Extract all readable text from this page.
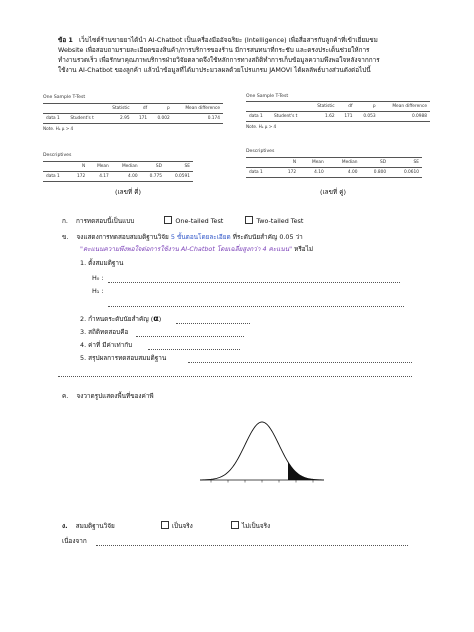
ข้อ 1 เว็บไซต์ร้านขายยาได้นำ AI-Chatbot เป็นเครื่องมืออัจฉริยะ (Intelligence) เพื่อสื่อสารกับลูกค้าที่เข้าเยี่ยมชม
Website เพื่อสอบถามรายละเอียดของสินค้า/การบริการของร้าน มีการสนทนาที่กระชับ และตรงประเด็นช่วยให้การ
ทำงานรวดเร็ว เพื่อรักษาคุณภาพบริการฝ่ายวิจัยตลาดจึงใช้หลักการทางสถิติทำการเก็บข้อมูลความพึงพอใจหลังจากการ
ใช้งาน AI-Chatbot ของลูกค้า แล้วนำข้อมูลที่ได้มาประมวลผลด้วยโปรแกรม JAMOVI ได้ผลลัพธ์บางส่วนดังต่อไปนี้
One Sample T-Test
		Statistic	df	p	Mean difference
data 1	Student's t	2.95	171	0.002	0.174
Note. Hₐ μ > 4
Descriptives
	N	Mean	Median	SD	SE
data 1	172	4.17	4.00	0.775	0.0591
(เลขที่ คี่)
One Sample T-Test
		Statistic	df	p	Mean difference
data 1	Student's t	1.62	171	0.053	0.0988
Note. Hₐ μ > 4
Descriptives
	N	Mean	Median	SD	SE
data 1	172	4.10	4.00	0.800	0.0610
(เลขที่ คู่)
ก. การทดสอบนี้เป็นแบบ	One-tailed Test	Two-tailed Test
ข. จงแสดงการทดสอบสมมติฐานวิจัย 5 ขั้นตอนโดยละเอียด ที่ระดับนัยสำคัญ 0.05 ว่า
"คะแนนความพึงพอใจต่อการใช้งาน AI-Chatbot โดยเฉลี่ยสูงกว่า 4 คะแนน" หรือไม่
1. ตั้งสมมติฐาน
H₀ :
H₁ :
2. กำหนดระดับนัยสำคัญ (α)
3. สถิติทดสอบคือ
4. ค่าที่ มีค่าเท่ากับ
5. สรุปผลการทดสอบสมมติฐาน
ค. จงวาดรูปแสดงพื้นที่ของค่าพี
ง. สมมติฐานวิจัย	เป็นจริง	ไม่เป็นจริง
เนื่องจาก
